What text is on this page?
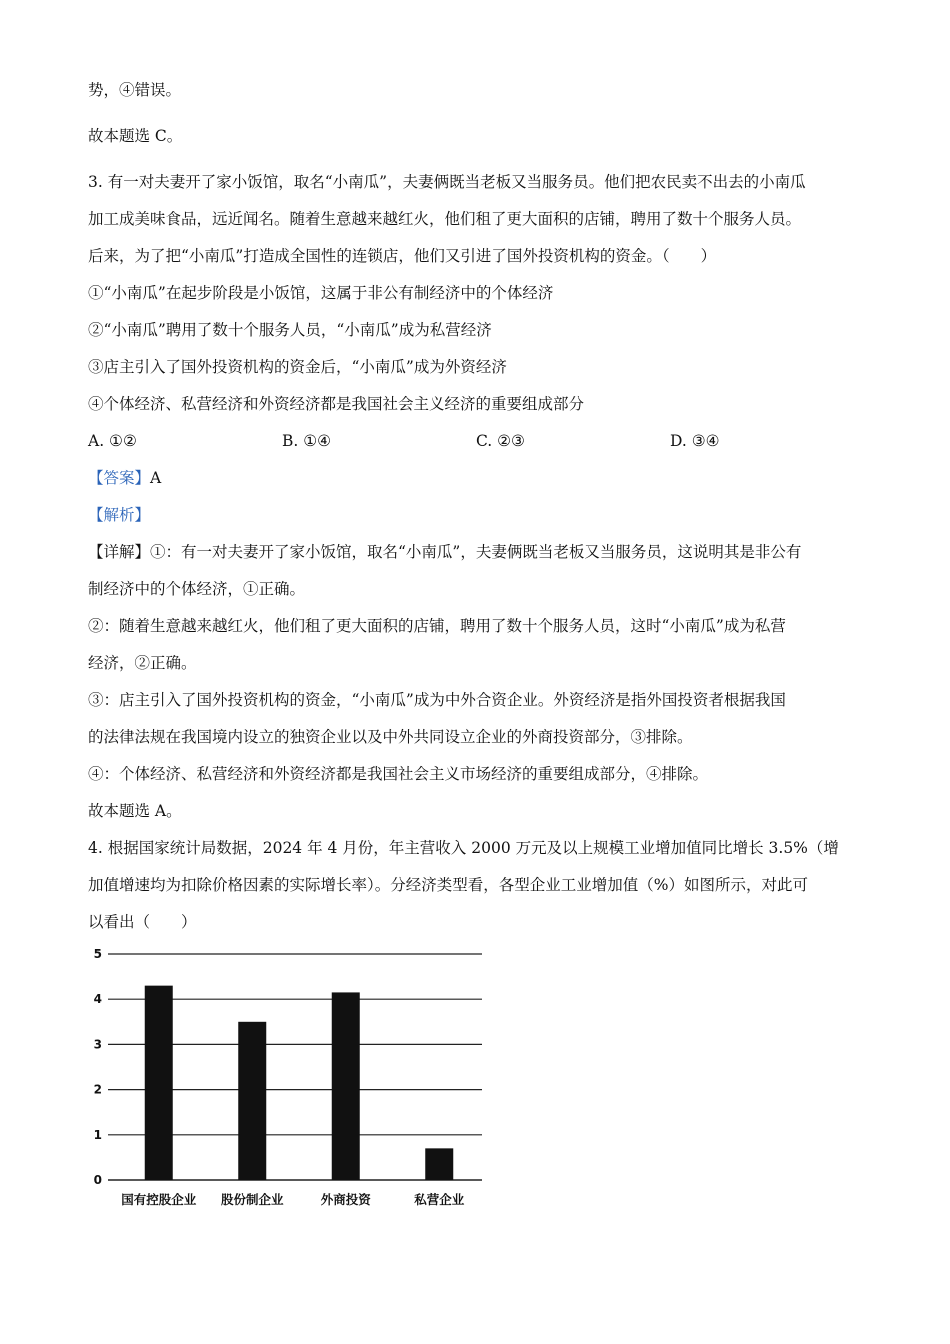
势，④错误。
故本题选 C。
3. 有一对夫妻开了家小饭馆，取名“小南瓜”，夫妻俩既当老板又当服务员。他们把农民卖不出去的小南瓜
加工成美味食品，远近闻名。随着生意越来越红火，他们租了更大面积的店铺，聘用了数十个服务人员。
后来，为了把“小南瓜”打造成全国性的连锁店，他们又引进了国外投资机构的资金。（　　）
①“小南瓜”在起步阶段是小饭馆，这属于非公有制经济中的个体经济
②“小南瓜”聘用了数十个服务人员，“小南瓜”成为私营经济
③店主引入了国外投资机构的资金后，“小南瓜”成为外资经济
④个体经济、私营经济和外资经济都是我国社会主义经济的重要组成部分
A. ①②	B. ①④	C. ②③	D. ③④
【答案】A
【解析】
【详解】①：有一对夫妻开了家小饭馆，取名“小南瓜”，夫妻俩既当老板又当服务员，这说明其是非公有
制经济中的个体经济，①正确。
②：随着生意越来越红火，他们租了更大面积的店铺，聘用了数十个服务人员，这时“小南瓜”成为私营
经济，②正确。
③：店主引入了国外投资机构的资金，“小南瓜”成为中外合资企业。外资经济是指外国投资者根据我国
的法律法规在我国境内设立的独资企业以及中外共同设立企业的外商投资部分，③排除。
④：个体经济、私营经济和外资经济都是我国社会主义市场经济的重要组成部分，④排除。
故本题选 A。
4. 根据国家统计局数据，2024 年 4 月份，年主营收入 2000 万元及以上规模工业增加值同比增长 3.5%（增
加值增速均为扣除价格因素的实际增长率）。分经济类型看，各型企业工业增加值（%）如图所示，对此可
以看出（　　）
0
1
2
3
4
5
国有控股企业 股份制企业	外商投资	私营企业
